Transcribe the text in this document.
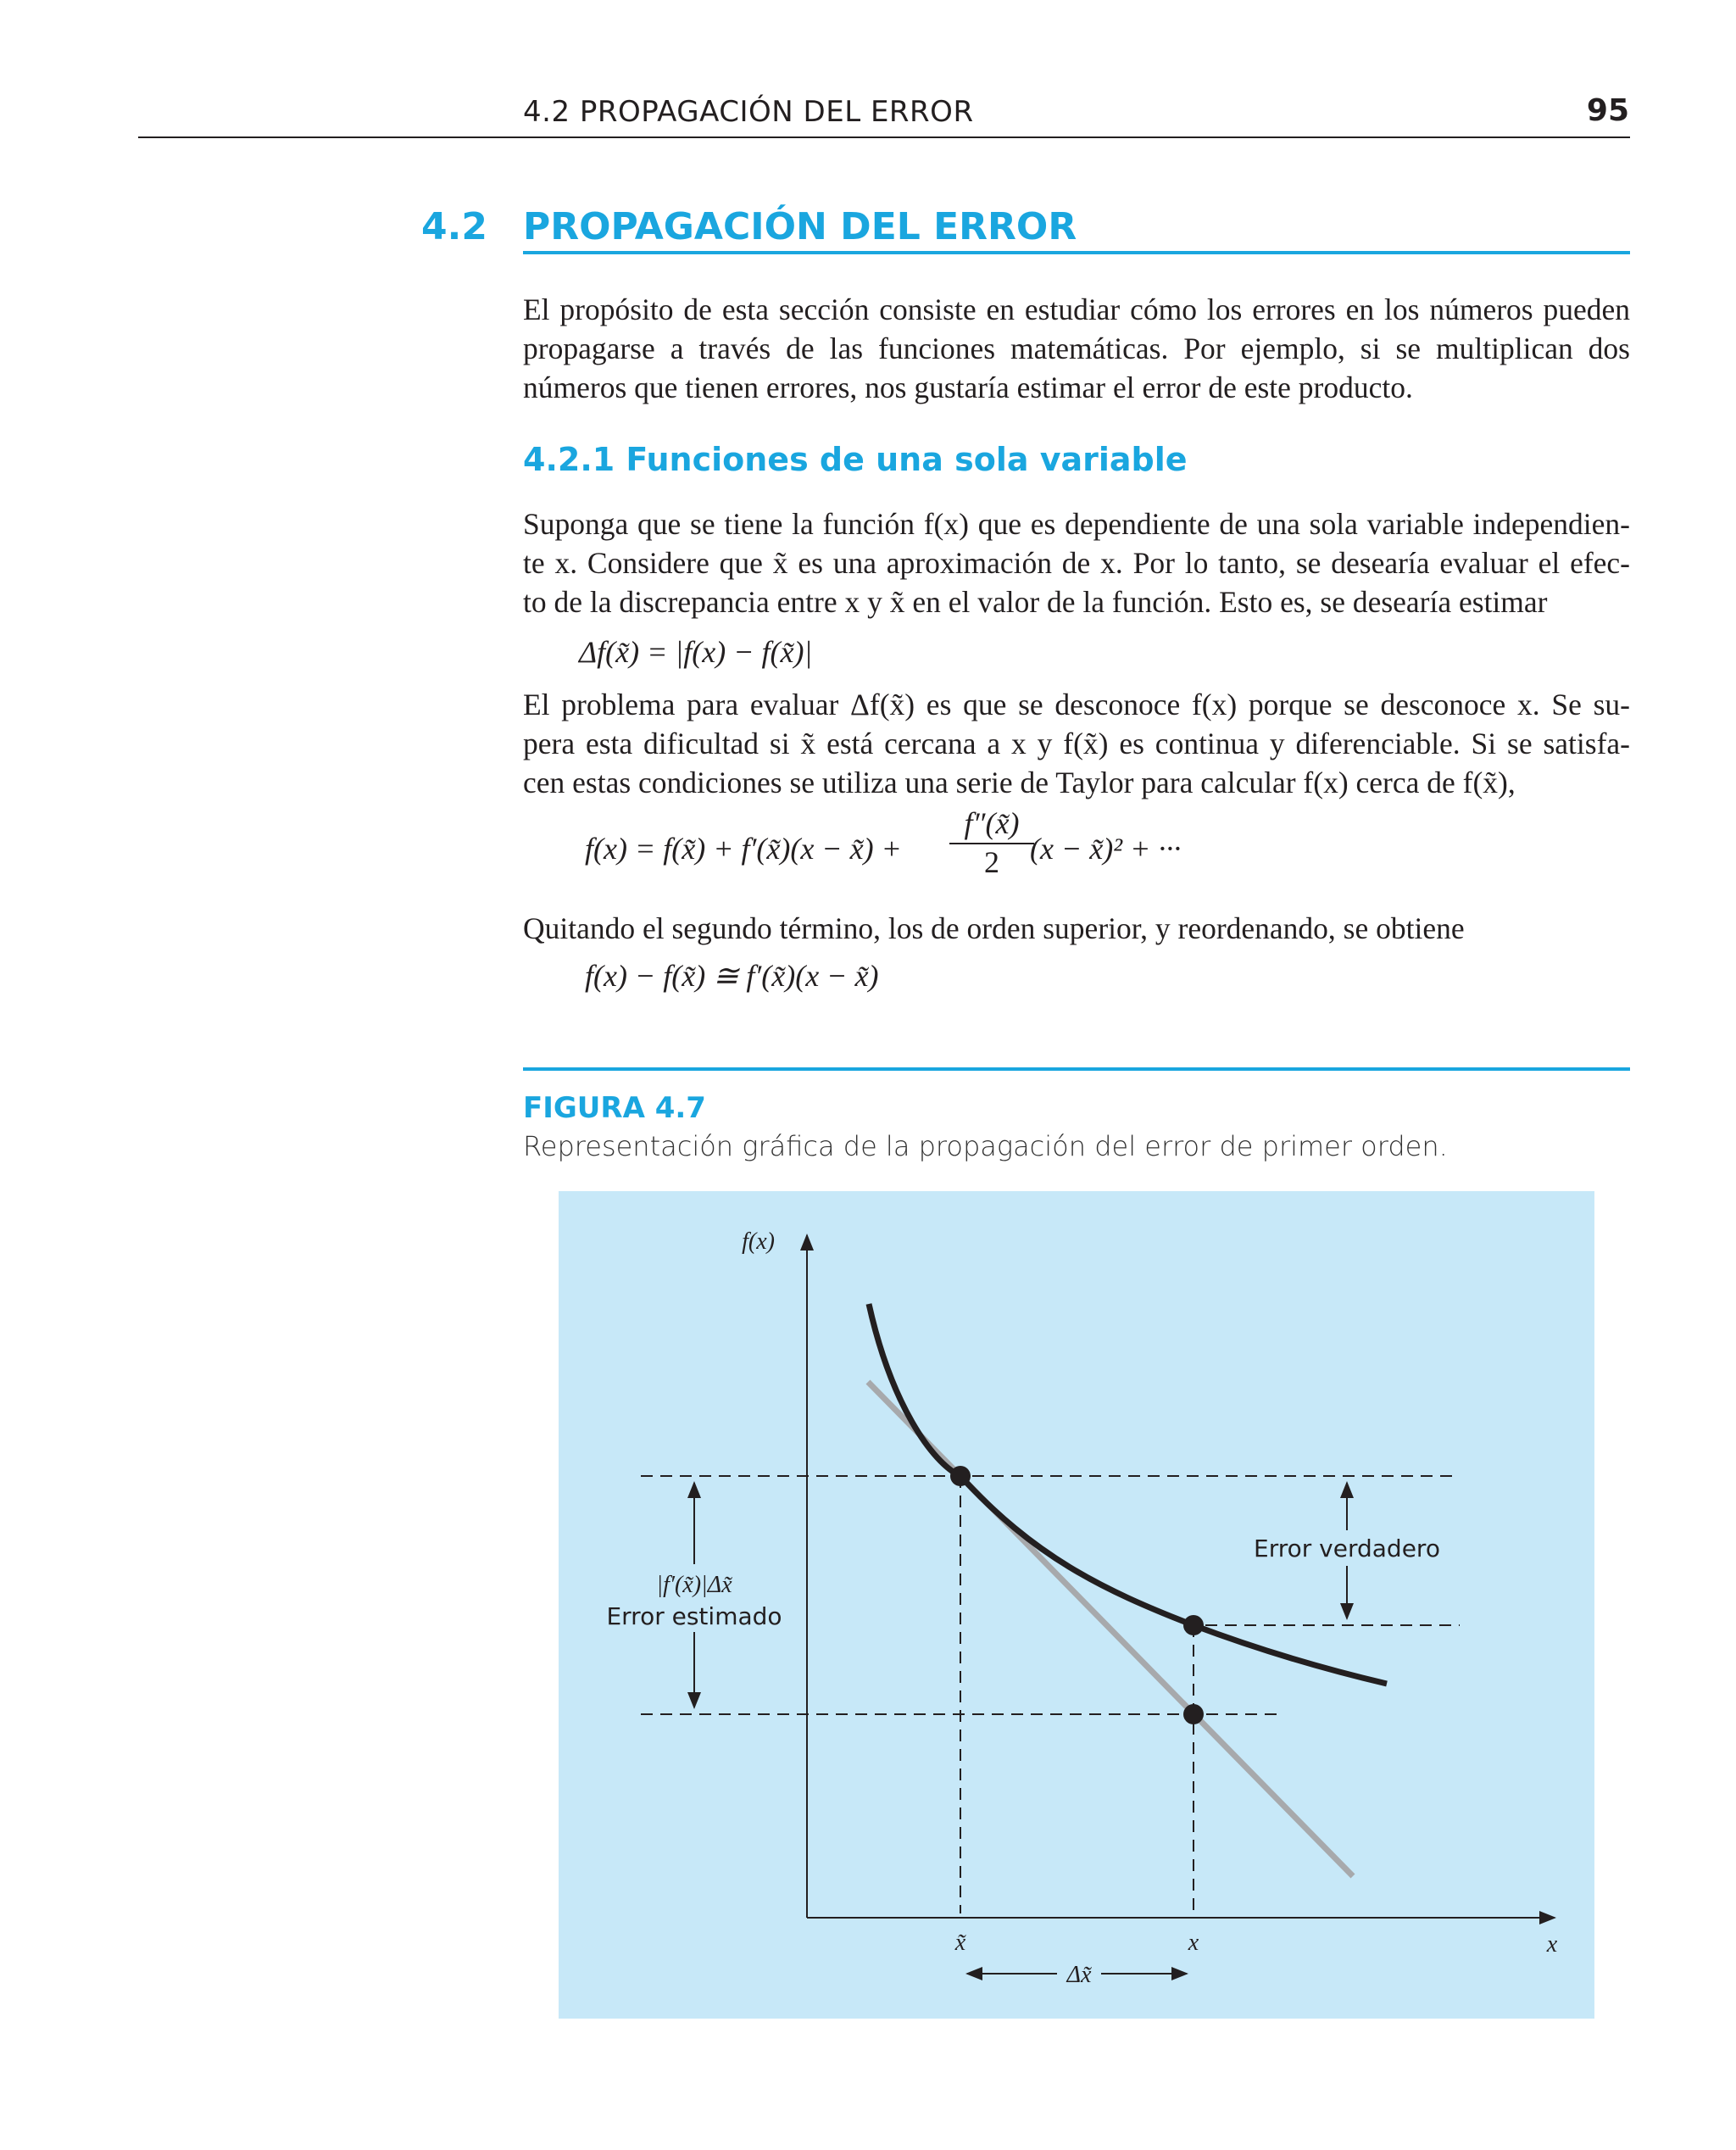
4.2 PROPAGACIÓN DEL ERROR	95
4.2 PROPAGACIÓN DEL ERROR
El propósito de esta sección consiste en estudiar cómo los errores en los números pueden
propagarse a través de las funciones matemáticas. Por ejemplo, si se multiplican dos
números que tienen errores, nos gustaría estimar el error de este producto.
4.2.1 Funciones de una sola variable
Suponga que se tiene la función f(x) que es dependiente de una sola variable independien-
te x. Considere que x̃ es una aproximación de x. Por lo tanto, se desearía evaluar el efec-
to de la discrepancia entre x y x̃ en el valor de la función. Esto es, se desearía estimar
Δf(x̃) = |f(x) − f(x̃)|
El problema para evaluar Δf(x̃) es que se desconoce f(x) porque se desconoce x. Se su-
pera esta dificultad si x̃ está cercana a x y f(x̃) es continua y diferenciable. Si se satisfa-
cen estas condiciones se utiliza una serie de Taylor para calcular f(x) cerca de f(x̃),
f(x) = f(x̃) + f′(x̃)(x − x̃) + $\frac{f''(x̃)}{2}$
(x − x̃)² + ···
Quitando el segundo término, los de orden superior, y reordenando, se obtiene
f(x) − f(x̃) ≅ f′(x̃)(x − x̃)
FIGURA 4.7
Representación gráfica de la propagación del error de primer orden.
f(x)
x
x̃	x
Δx̃
|f′(x̃)|Δx̃
Error estimado
Error verdadero
